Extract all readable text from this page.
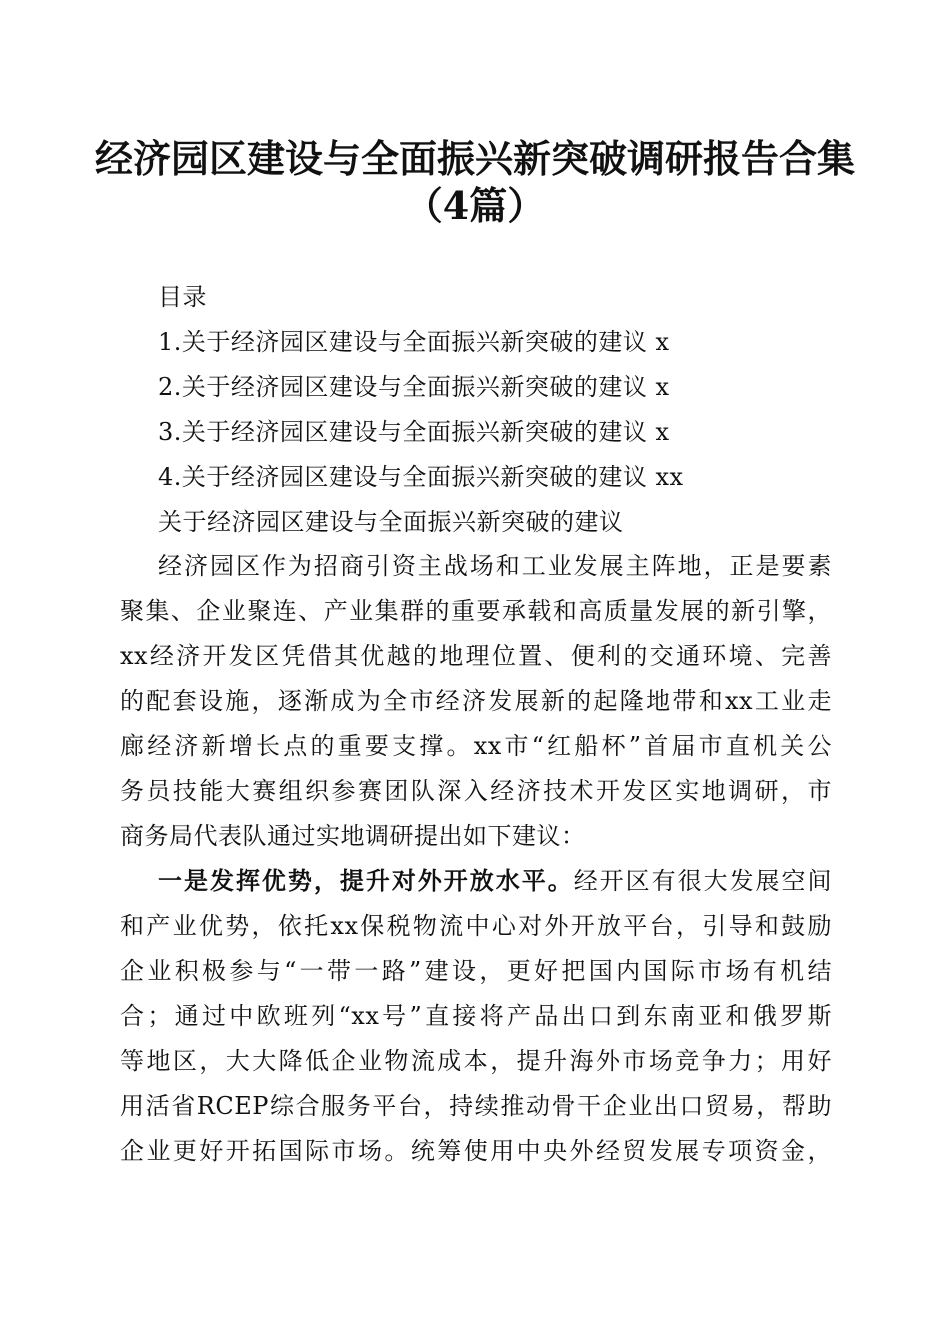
经济园区建设与全面振兴新突破调研报告合集
（4篇）
目录
1.关于经济园区建设与全面振兴新突破的建议 x
2.关于经济园区建设与全面振兴新突破的建议 x
3.关于经济园区建设与全面振兴新突破的建议 x
4.关于经济园区建设与全面振兴新突破的建议 xx
关于经济园区建设与全面振兴新突破的建议
经济园区作为招商引资主战场和工业发展主阵地，正是要素
聚集、企业聚连、产业集群的重要承载和高质量发展的新引擎，
xx经济开发区凭借其优越的地理位置、便利的交通环境、完善
的配套设施，逐渐成为全市经济发展新的起隆地带和xx工业走
廊经济新增长点的重要支撑。xx市“红船杯”首届市直机关公
务员技能大赛组织参赛团队深入经济技术开发区实地调研，市
商务局代表队通过实地调研提出如下建议：
一是发挥优势，提升对外开放水平。经开区有很大发展空间
和产业优势，依托xx保税物流中心对外开放平台，引导和鼓励
企业积极参与“一带一路”建设，更好把国内国际市场有机结
合；通过中欧班列“xx号”直接将产品出口到东南亚和俄罗斯
等地区，大大降低企业物流成本，提升海外市场竞争力；用好
用活省RCEP综合服务平台，持续推动骨干企业出口贸易，帮助
企业更好开拓国际市场。统筹使用中央外经贸发展专项资金，
